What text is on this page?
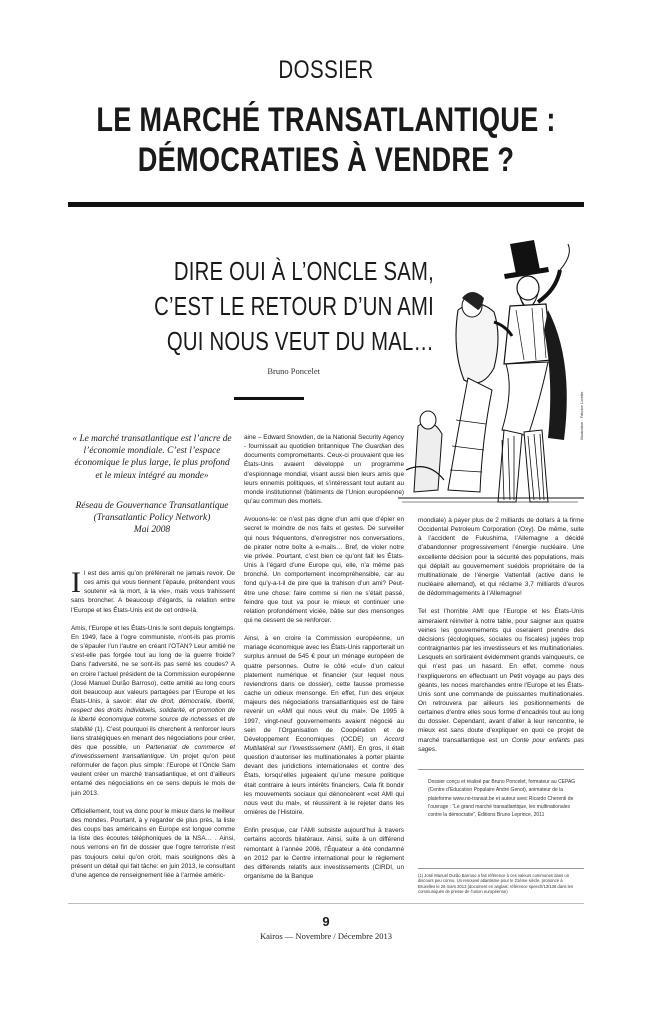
DOSSIER
LE MARCHÉ TRANSATLANTIQUE :
DÉMOCRATIES À VENDRE ?
DIRE OUI À L’ONCLE SAM,
C’EST LE RETOUR D’UN AMI
QUI NOUS VEUT DU MAL…
Bruno Poncelet
Illustration : Fabrice Lorette

« Le marché transatlantique est l’ancre de l’économie mondiale. C’est l’espace économique le plus large, le plus profond et le mieux intégré au monde»

Réseau de Gouvernance Transatlantique
(Transatlantic Policy Network)
Mai 2008

Il est des amis qu’on préférerait ne jamais revoir. De ces amis qui vous tiennent l’épaule, prétendent vous soutenir «à la mort, à la vie», mais vous trahissent sans broncher. A beaucoup d’égards, la relation entre l’Europe et les États-Unis est de cet ordre-là.

Amis, l’Europe et les États-Unis le sont depuis longtemps. En 1949, face à l’ogre communiste, n’ont-ils pas promis de s’épauler l’un l’autre en créant l’OTAN? Leur amitié ne s’est-elle pas forgée tout au long de la guerre froide? Dans l’adversité, ne se sont-ils pas serré les coudes? A en croire l’actuel président de la Commission européenne (José Manuel Durão Barroso), cette amitié au long cours doit beaucoup aux valeurs partagées par l’Europe et les États-Unis, à savoir: état de droit, démocratie, liberté, respect des droits individuels, solidarité, et promotion de la liberté économique comme source de richesses et de stabilité (1). C’est pourquoi ils cherchent à renforcer leurs liens stratégiques en menant des négociations pour créer, dès que possible, un Partenariat de commerce et d’investissement transatlantique. Un projet qu’on peut reformuler de façon plus simple: l’Europe et l’Oncle Sam veulent créer un marché transatlantique, et ont d’ailleurs entamé des négociations en ce sens depuis le mois de juin 2013.

Officiellement, tout va donc pour le mieux dans le meilleur des mondes. Pourtant, à y regarder de plus près, la liste des coups bas américains en Europe est longue comme la liste des écoutes téléphoniques de la NSA… . Ainsi, nous verrons en fin de dossier que l’ogre terroriste n’est pas toujours celui qu’on croit, mais soulignons dès à présent un détail qui fait tâche: en juin 2013, le consultant d’une agence de renseignement liée à l’armée améric-

aine – Edward Snowden, de la National Security Agency - fournissait au quotidien britannique The Guardian des documents compromettants. Ceux-ci prouvaient que les États-Unis avaient développé un programme d’espionnage mondial, visant aussi bien leurs amis que leurs ennemis politiques, et s’intéressant tout autant au monde institutionnel (bâtiments de l’Union européenne) qu’au commun des mortels.

Avouons-le: ce n’est pas digne d’un ami que d’épier en secret le moindre de nos faits et gestes. De surveiller qui nous fréquentons, d’enregistrer nos conversations, de pirater notre boîte à e-mails… Bref, de violer notre vie privée. Pourtant, c’est bien ce qu’ont fait les États-Unis à l’égard d’une Europe qui, elle, n’a même pas bronché. Un comportement incompréhensible, car au fond qu’y-a-t-il de pire que la trahison d’un ami? Peut-être une chose: faire comme si rien ne s’était passé, feindre que tout va pour le mieux et continuer une relation profondément viciée, bâtie sur des mensonges qui ne cessent de se renforcer.

Ainsi, à en croire la Commission européenne, un mariage économique avec les États-Unis rapporterait un surplus annuel de 545 € pour un ménage européen de quatre personnes. Outre le côté «cul» d’un calcul platement numérique et financier (sur lequel nous reviendrons dans ce dossier), cette fausse promesse cache un odieux mensonge. En effet, l’un des enjeux majeurs des négociations transatlantiques est de faire revenir un «AMI qui nous veut du mal». De 1995 à 1997, vingt-neuf gouvernements avaient négocié au sein de l’Organisation de Coopération et de Développement Economiques (OCDE) un Accord Multilatéral sur l’Investissement (AMI). En gros, il était question d’autoriser les multinationales à porter plainte devant des juridictions internationales et contre des États, lorsqu’elles jugeaient qu’une mesure politique était contraire à leurs intérêts financiers. Cela fit bondir les mouvements sociaux qui dénoncèrent «cet AMI qui nous veut du mal», et réussirent à le rejeter dans les ornières de l’Histoire.

Enfin presque, car l’AMI subsiste aujourd’hui à travers certains accords bilatéraux. Ainsi, suite à un différend remontant à l’année 2006, l’Équateur a été condamné en 2012 par le Centre international pour le règlement des différends relatifs aux investissements (CIRDI, un organisme de la Banque

mondiale) à payer plus de 2 milliards de dollars à la firme Occidental Petroleum Corporation (Oxy). De même, suite à l’accident de Fukushima, l’Allemagne a décidé d’abandonner progressivement l’énergie nucléaire. Une excellente décision pour la sécurité des populations, mais qui déplaît au gouvernement suédois propriétaire de la multinationale de l’énergie Vattenfall (active dans le nucléaire allemand), et qui réclame 3,7 milliards d’euros de dédommagements à l’Allemagne!

Tel est l’horrible AMI que l’Europe et les États-Unis aimeraient réinviter à notre table, pour saigner aux quatre veines les gouvernements qui oseraient prendre des décisions (écologiques, sociales ou fiscales) jugées trop contraignantes par les investisseurs et les multinationales. Lesquels en sortiraient évidemment grands vainqueurs, ce qui n’est pas un hasard. En effet, comme nous l’expliquerons en effectuant un Petit voyage au pays des géants, les noces marchandes entre l’Europe et les États-Unis sont une commande de puissantes multinationales. On retrouvera par ailleurs les positionnements de certaines d’entre elles sous forme d’encadrés tout au long du dossier. Cependant, avant d’aller à leur rencontre, le mieux est sans doute d’expliquer en quoi ce projet de marché transatlantique est un Conte pour enfants pas sages.

Dossier conçu et réalisé par Bruno Poncelet, formateur au CEPAG (Centre d’Education Populaire André Genot), animateur de la plateforme www.no-transat.be et auteur avec Ricardo Cherenti de l’ouvrage : “Le grand marché transatlantique, les multinationales contre la démocratie”, Éditions Bruno Leprince, 2011
(1) José Manuel Durão Barroso a fait référence à ces valeurs communes dans un discours peu connu, Un renouvel atlantisme pour le 21ème siècle, prononcé à Bruxelles le 26 mars 2013 (document en anglais: référence speech/13/136 dans les communiqués de presse de l’union européenne)
9
Kairos — Novembre / Décembre 2013
